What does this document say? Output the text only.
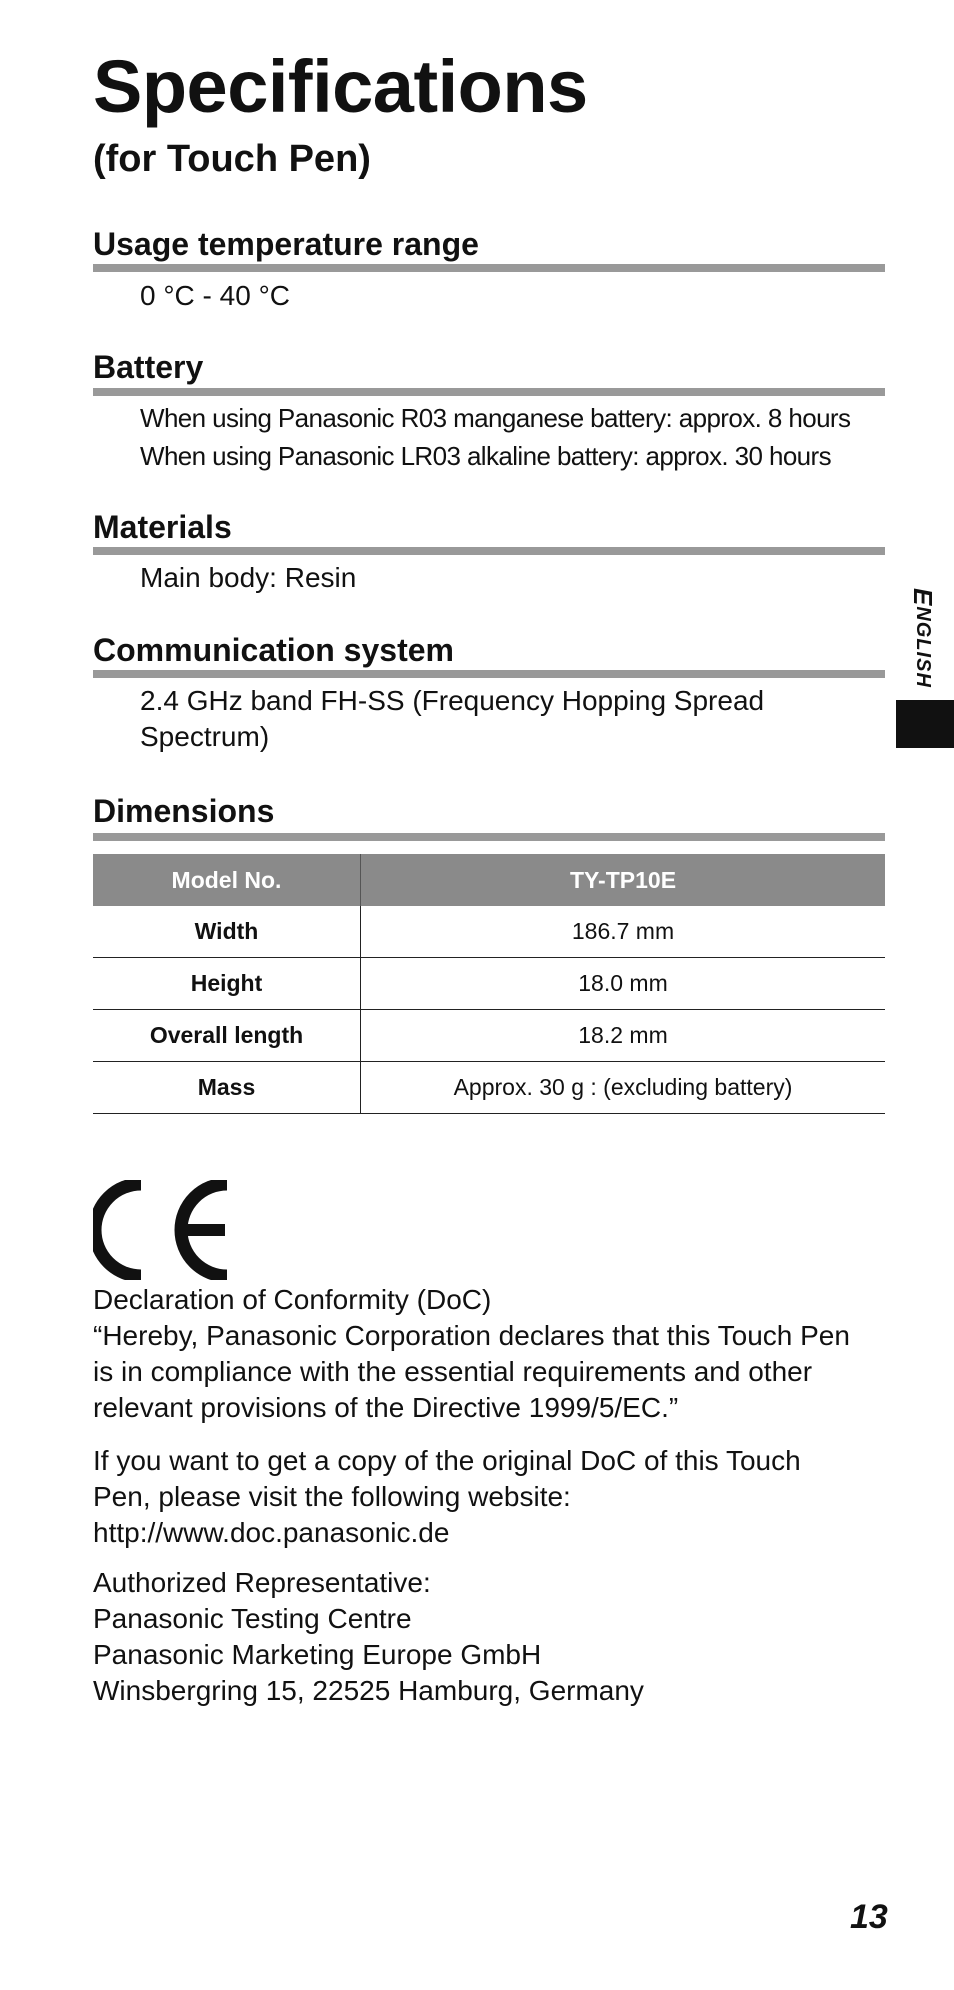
Specifications
(for Touch Pen)
Usage temperature range
0 °C - 40 °C
Battery
When using Panasonic R03 manganese battery: approx. 8 hours
When using Panasonic LR03 alkaline battery: approx. 30 hours
Materials
Main body: Resin
Communication system
2.4 GHz band FH-SS (Frequency Hopping Spread
Spectrum)
Dimensions
Model No.	TY-TP10E
Width	186.7 mm
Height	18.0 mm
Overall length	18.2 mm
Mass	Approx. 30 g : (excluding battery)
Declaration of Conformity (DoC)
“Hereby, Panasonic Corporation declares that this Touch Pen
is in compliance with the essential requirements and other
relevant provisions of the Directive 1999/5/EC.”
If you want to get a copy of the original DoC of this Touch
Pen, please visit the following website:
http://www.doc.panasonic.de
Authorized Representative:
Panasonic Testing Centre
Panasonic Marketing Europe GmbH
Winsbergring 15, 22525 Hamburg, Germany
ENGLISH
13
